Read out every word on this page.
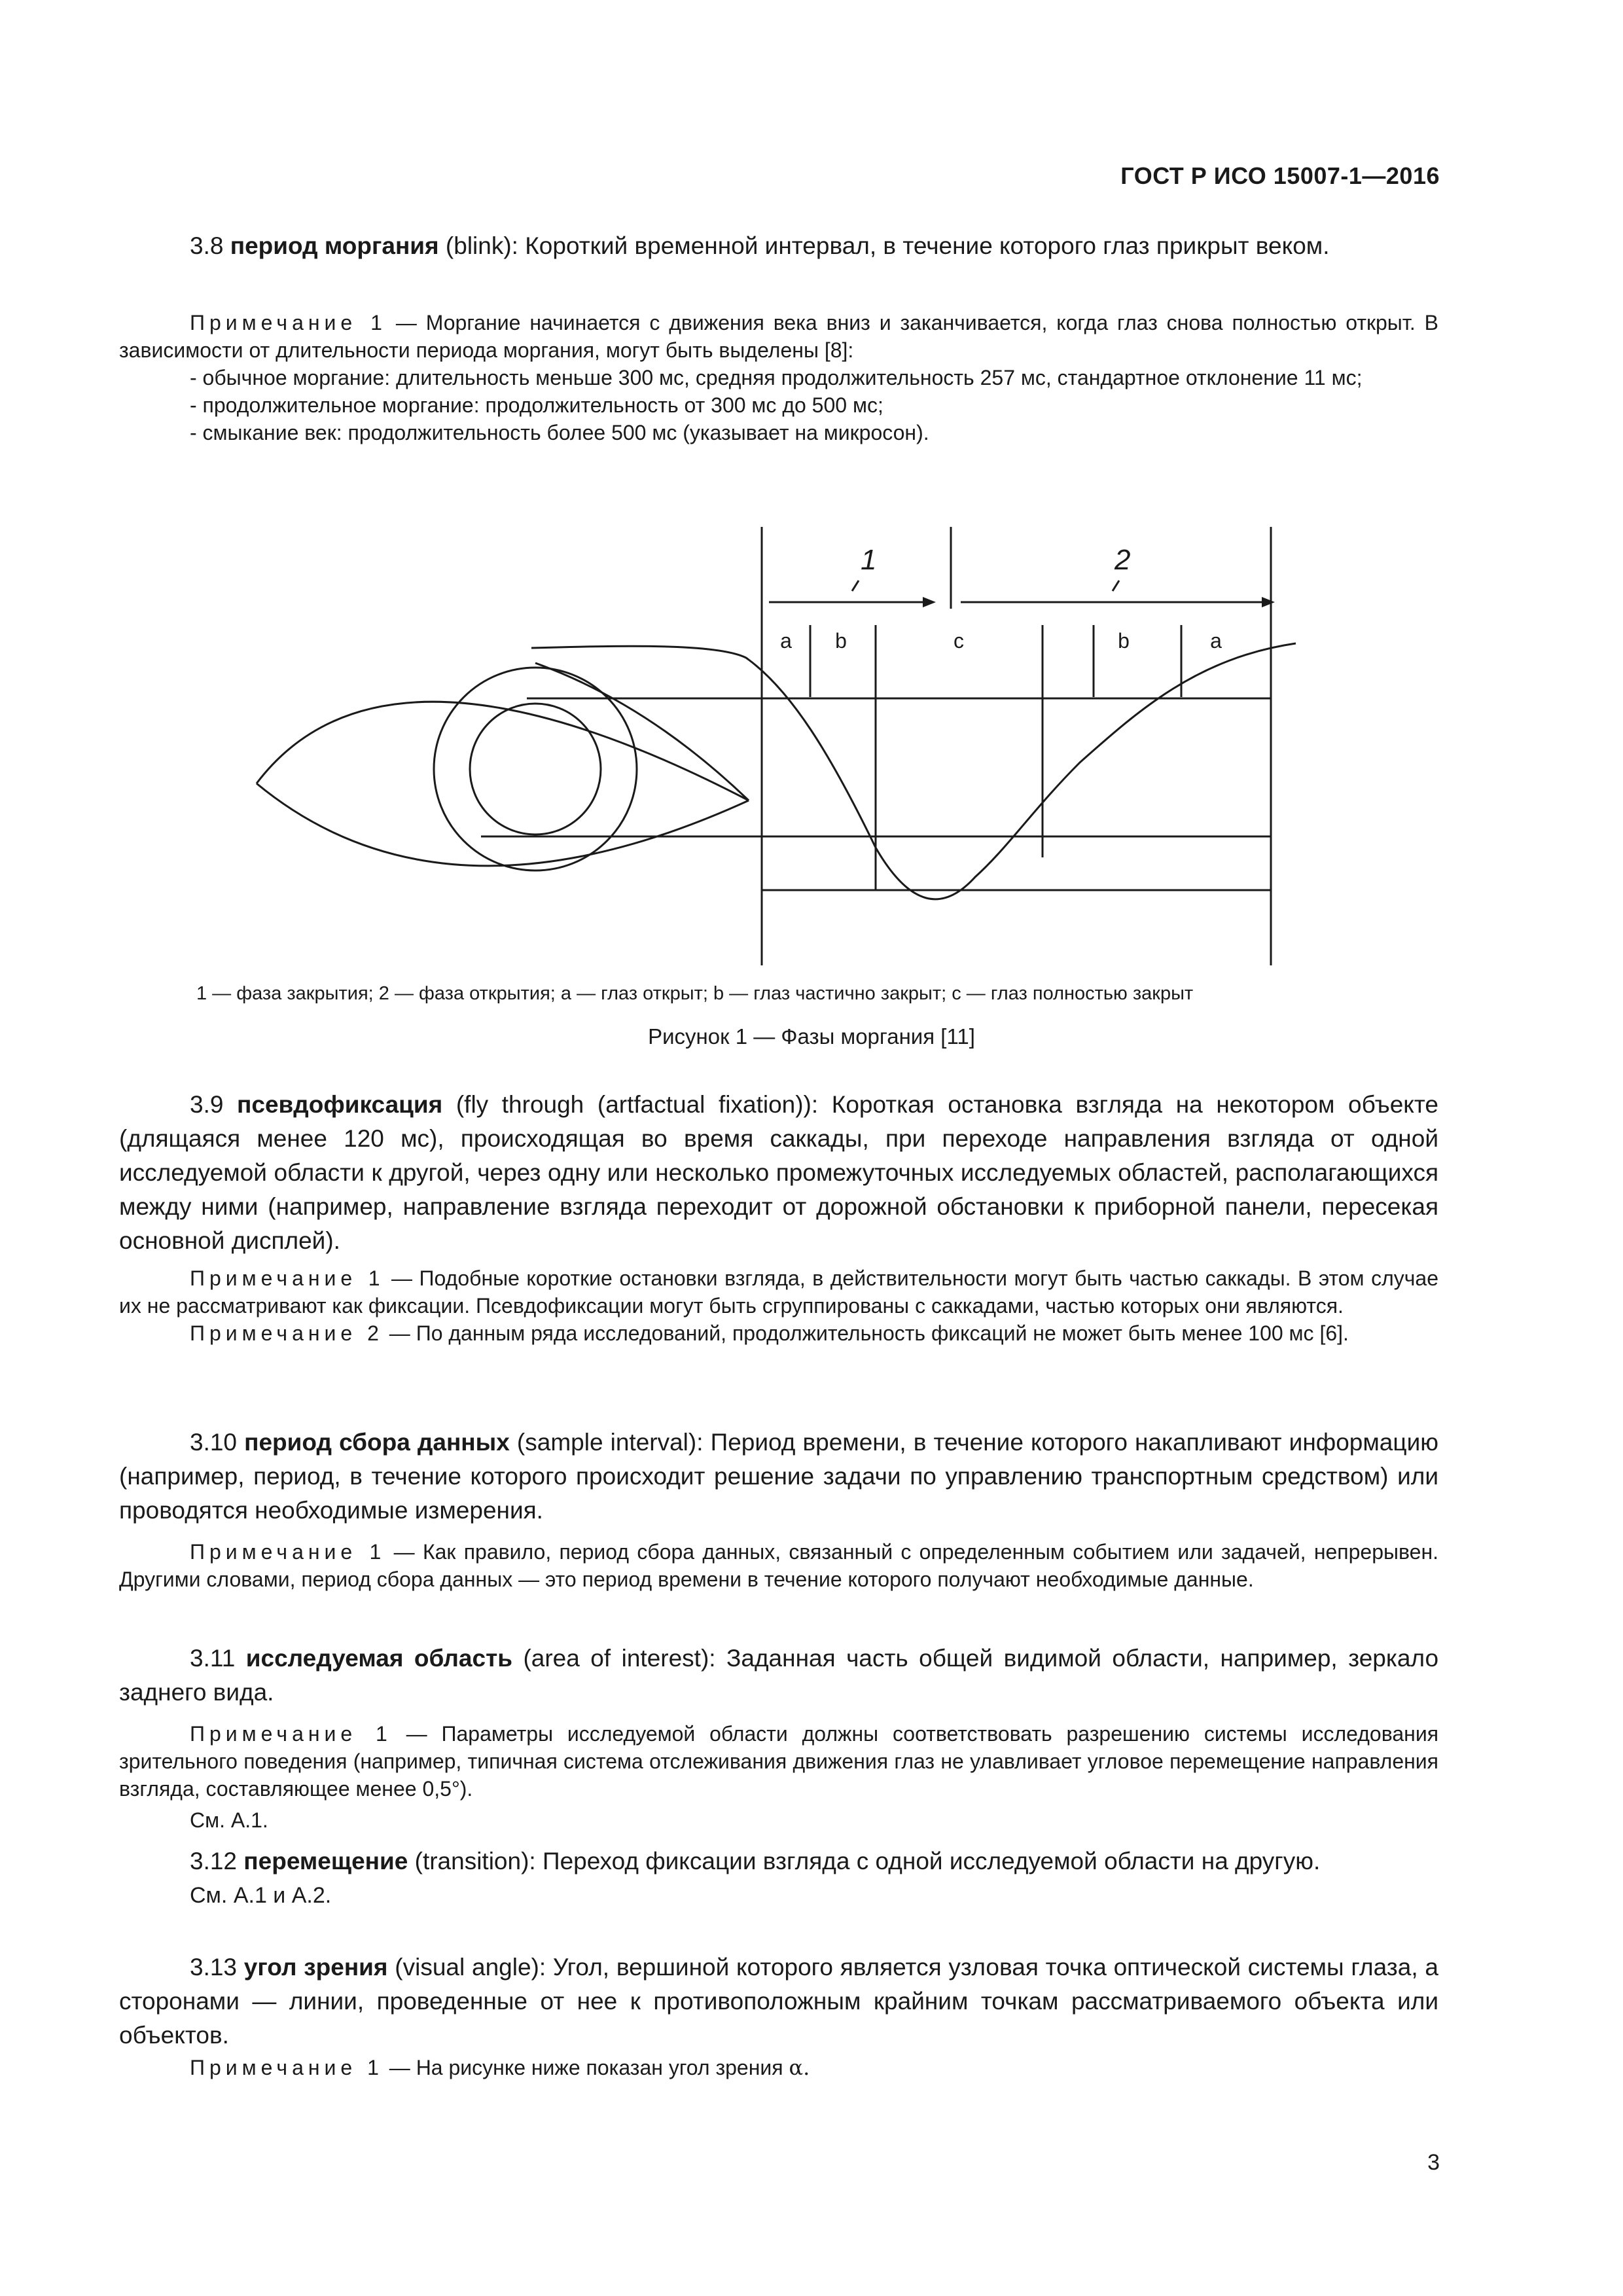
ГОСТ Р ИСО 15007-1—2016

3.8 период моргания (blink): Короткий временной интервал, в течение которого глаз прикрыт веком.

Примечание 1 — Моргание начинается с движения века вниз и заканчивается, когда глаз снова полностью открыт. В зависимости от длительности периода моргания, могут быть выделены [8]:

- обычное моргание: длительность меньше 300 мс, средняя продолжительность 257 мс, стандартное отклонение 11 мс;

- продолжительное моргание: продолжительность от 300 мс до 500 мс;

- смыкание век: продолжительность более 500 мс (указывает на микросон).

1	2
a b	c	b	a
1 — фаза закрытия; 2 — фаза открытия; a — глаз открыт; b — глаз частично закрыт; c — глаз полностью закрыт
Рисунок 1 — Фазы моргания [11]

3.9 псевдофиксация (fly through (artfactual fixation)): Короткая остановка взгляда на некотором объекте (длящаяся менее 120 мс), происходящая во время саккады, при переходе направления взгляда от одной исследуемой области к другой, через одну или несколько промежуточных исследуемых областей, располагающихся между ними (например, направление взгляда переходит от дорожной обстановки к приборной панели, пересекая основной дисплей).

Примечание 1 — Подобные короткие остановки взгляда, в действительности могут быть частью саккады. В этом случае их не рассматривают как фиксации. Псевдофиксации могут быть сгруппированы с саккадами, частью которых они являются.

Примечание 2 — По данным ряда исследований, продолжительность фиксаций не может быть менее 100 мс [6].

3.10 период сбора данных (sample interval): Период времени, в течение которого накапливают информацию (например, период, в течение которого происходит решение задачи по управлению транспортным средством) или проводятся необходимые измерения.

Примечание 1 — Как правило, период сбора данных, связанный с определенным событием или задачей, непрерывен. Другими словами, период сбора данных — это период времени в течение которого получают необходимые данные.

3.11 исследуемая область (area of interest): Заданная часть общей видимой области, например, зеркало заднего вида.

Примечание 1 — Параметры исследуемой области должны соответствовать разрешению системы исследования зрительного поведения (например, типичная система отслеживания движения глаз не улавливает угловое перемещение направления взгляда, составляющее менее 0,5°).

См. А.1.

3.12 перемещение (transition): Переход фиксации взгляда с одной исследуемой области на другую.

См. А.1 и А.2.

3.13 угол зрения (visual angle): Угол, вершиной которого является узловая точка оптической системы глаза, а сторонами — линии, проведенные от нее к противоположным крайним точкам рассматриваемого объекта или объектов.

Примечание 1 — На рисунке ниже показан угол зрения α.

3
